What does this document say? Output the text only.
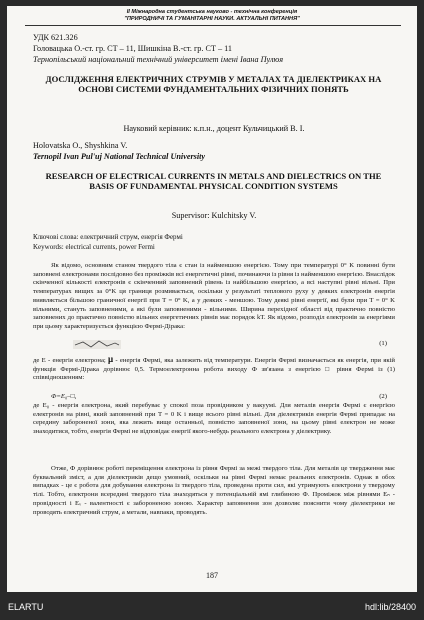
II Міжнародна студентська науково - технічна конференція
"ПРИРОДНИЧІ ТА ГУМАНІТАРНІ НАУКИ. АКТУАЛЬНІ ПИТАННЯ"
УДК 621.326
Головацька О.-ст. гр. СТ – 11, Шишкіна В.-ст. гр. СТ – 11
Тернопільський національний технічний університет імені Івана Пулюя
ДОСЛІДЖЕННЯ ЕЛЕКТРИЧНИХ СТРУМІВ У МЕТАЛАХ ТА ДІЕЛЕКТРИКАХ НА ОСНОВІ СИСТЕМИ ФУНДАМЕНТАЛЬНИХ ФІЗИЧНИХ ПОНЯТЬ
Науковий керівник: к.п.н., доцент Кульчицький В. І.
Holovatska O., Shyshkina V.
Ternopil Ivan Pul'uj National Technical University
RESEARCH OF ELECTRICAL CURRENTS IN METALS AND DIELECTRICS ON THE BASIS OF FUNDAMENTAL PHYSICAL CONDITION SYSTEMS
Supervisor: Kulchitsky V.
Ключові слова: електричний струм, енергія Фермі
Keywords: electrical currents, power Fermi

Як відомо, основним станом твердого тіла є стан із найменшою енергією. Тому при температурі 0° K повинні бути заповнені електронами послідовно без проміжків всі енергетичні рівні, починаючи із рівня із найменшою енергією. Внаслідок скінченної кількості електронів є скінченний заповнений рівень із найбільшою енергією, а всі наступні рівні вільні. При температурах вищих за 0°K ця границя розмивається, оскільки у результаті теплового руху у деяких електронів енергія виявляється більшою граничної енергії при T = 0° K, а у деяких - меншою. Тому деякі рівні енергії, які були при T = 0° K вільними, стануть заповненими, а які були заповненими - вільними. Ширина перехідної області від практично повністю заповнених до практично повністю вільних енергетичних рівнів має порядок kT. Як відомо, розподіл електронів за енергіями при цьому характеризується функцією Фермі-Дірака:

(1)

де E - енергія електрона; μ - енергія Фермі, яка залежить від температури. Енергія Фермі визначається як енергія, при якій функція Фермі-Дірака дорівнює 0,5. Термоелектронна робота виходу Ф зв'язана з енергією □ рівня Фермі із (1) співвідношенням:

Ф=E₀–□,	(2)

де E₀ - енергія електрона, який перебуває у спокої поза провідником у вакуумі. Для металів енергія Фермі є енергією електронів на рівні, який заповнений при T = 0 K і вище всього рівні вільні. Для діелектриків енергія Фермі припадає на середину забороненої зони, яка лежить вище останньої, повністю заповненої зони, на цьому рівні електрон не може знаходитися, тобто, енергія Фермі не відповідає енергії якого-небудь реального електрона у діелектрику.

Отже, Ф дорівнює роботі переміщення електрона із рівня Фермі за межі твердого тіла. Для металів це твердження має буквальний зміст, а для діелектриків дещо умовний, оскільки на рівні Фермі немає реальних електронів. Однак в обох випадках - це є робота для добування електрона із твердого тіла, проведена проти сил, які утримують електрони у твердому тілі. Тобто, електрони всередині твердого тіла знаходяться у потенціальній ямі глибиною Ф. Проміжок між рівнями Eₙ - провідності і Eᵥ - валентності є забороненою зоною. Характер заповнення зон дозволяє пояснити чому діелектрики не проводять електричний струм, а метали, навпаки, проводять.

187
ELARTU	hdl:lib/28400
